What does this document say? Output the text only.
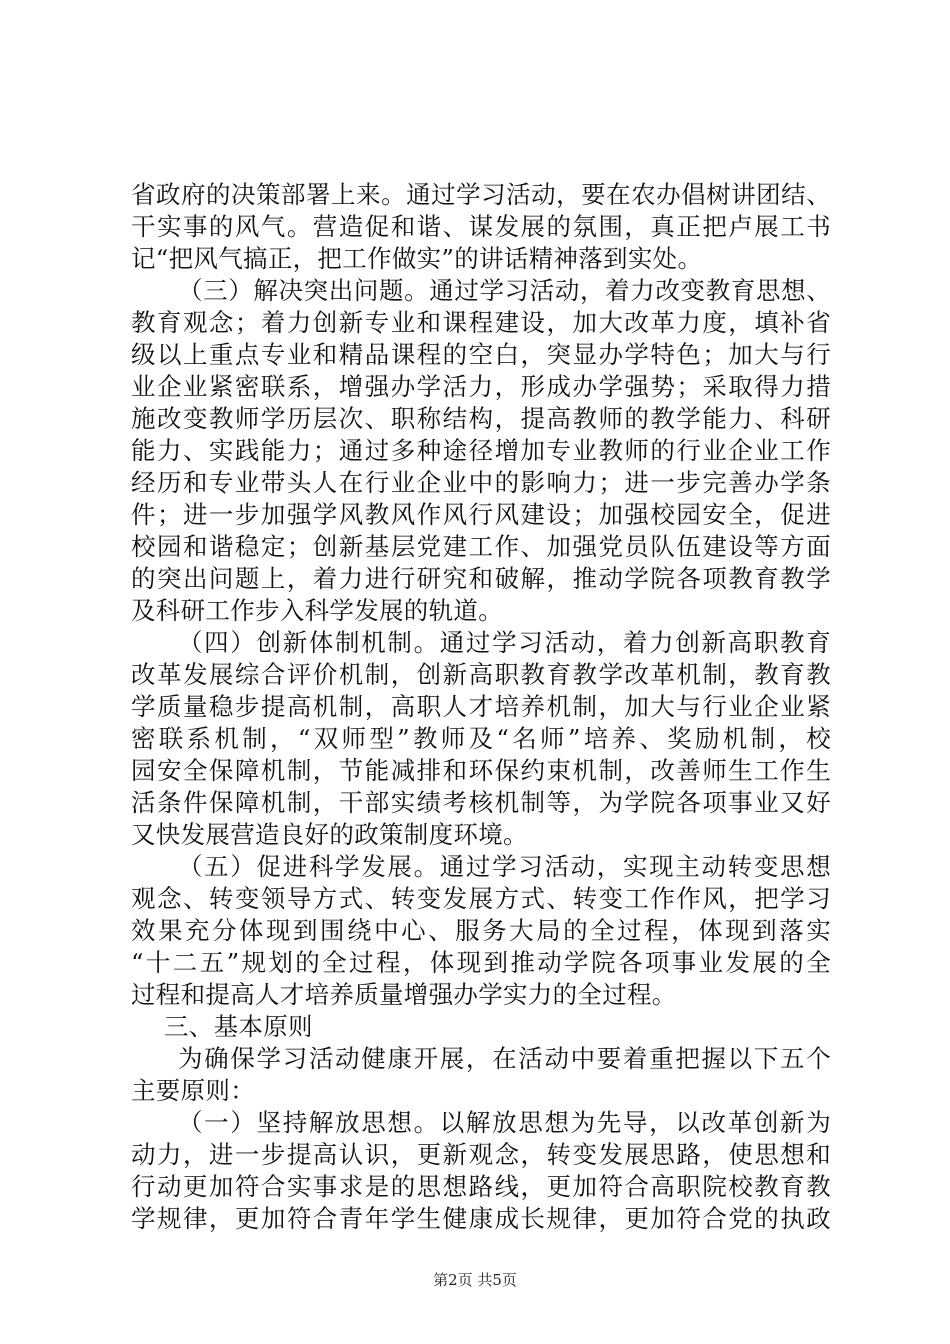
省政府的决策部署上来。通过学习活动，要在农办倡树讲团结、
干实事的风气。营造促和谐、谋发展的氛围，真正把卢展工书
记“把风气搞正，把工作做实”的讲话精神落到实处。
（三）解决突出问题。通过学习活动，着力改变教育思想、
教育观念；着力创新专业和课程建设，加大改革力度，填补省
级以上重点专业和精品课程的空白，突显办学特色；加大与行
业企业紧密联系，增强办学活力，形成办学强势；采取得力措
施改变教师学历层次、职称结构，提高教师的教学能力、科研
能力、实践能力；通过多种途径增加专业教师的行业企业工作
经历和专业带头人在行业企业中的影响力；进一步完善办学条
件；进一步加强学风教风作风行风建设；加强校园安全，促进
校园和谐稳定；创新基层党建工作、加强党员队伍建设等方面
的突出问题上，着力进行研究和破解，推动学院各项教育教学
及科研工作步入科学发展的轨道。
（四）创新体制机制。通过学习活动，着力创新高职教育
改革发展综合评价机制，创新高职教育教学改革机制，教育教
学质量稳步提高机制，高职人才培养机制，加大与行业企业紧
密联系机制，“双师型”教师及“名师”培养、奖励机制，校
园安全保障机制，节能减排和环保约束机制，改善师生工作生
活条件保障机制，干部实绩考核机制等，为学院各项事业又好
又快发展营造良好的政策制度环境。
（五）促进科学发展。通过学习活动，实现主动转变思想
观念、转变领导方式、转变发展方式、转变工作作风，把学习
效果充分体现到围绕中心、服务大局的全过程，体现到落实
“十二五”规划的全过程，体现到推动学院各项事业发展的全
过程和提高人才培养质量增强办学实力的全过程。
三、基本原则
为确保学习活动健康开展，在活动中要着重把握以下五个
主要原则：
（一）坚持解放思想。以解放思想为先导，以改革创新为
动力，进一步提高认识，更新观念，转变发展思路，使思想和
行动更加符合实事求是的思想路线，更加符合高职院校教育教
学规律，更加符合青年学生健康成长规律，更加符合党的执政
第2页 共5页
